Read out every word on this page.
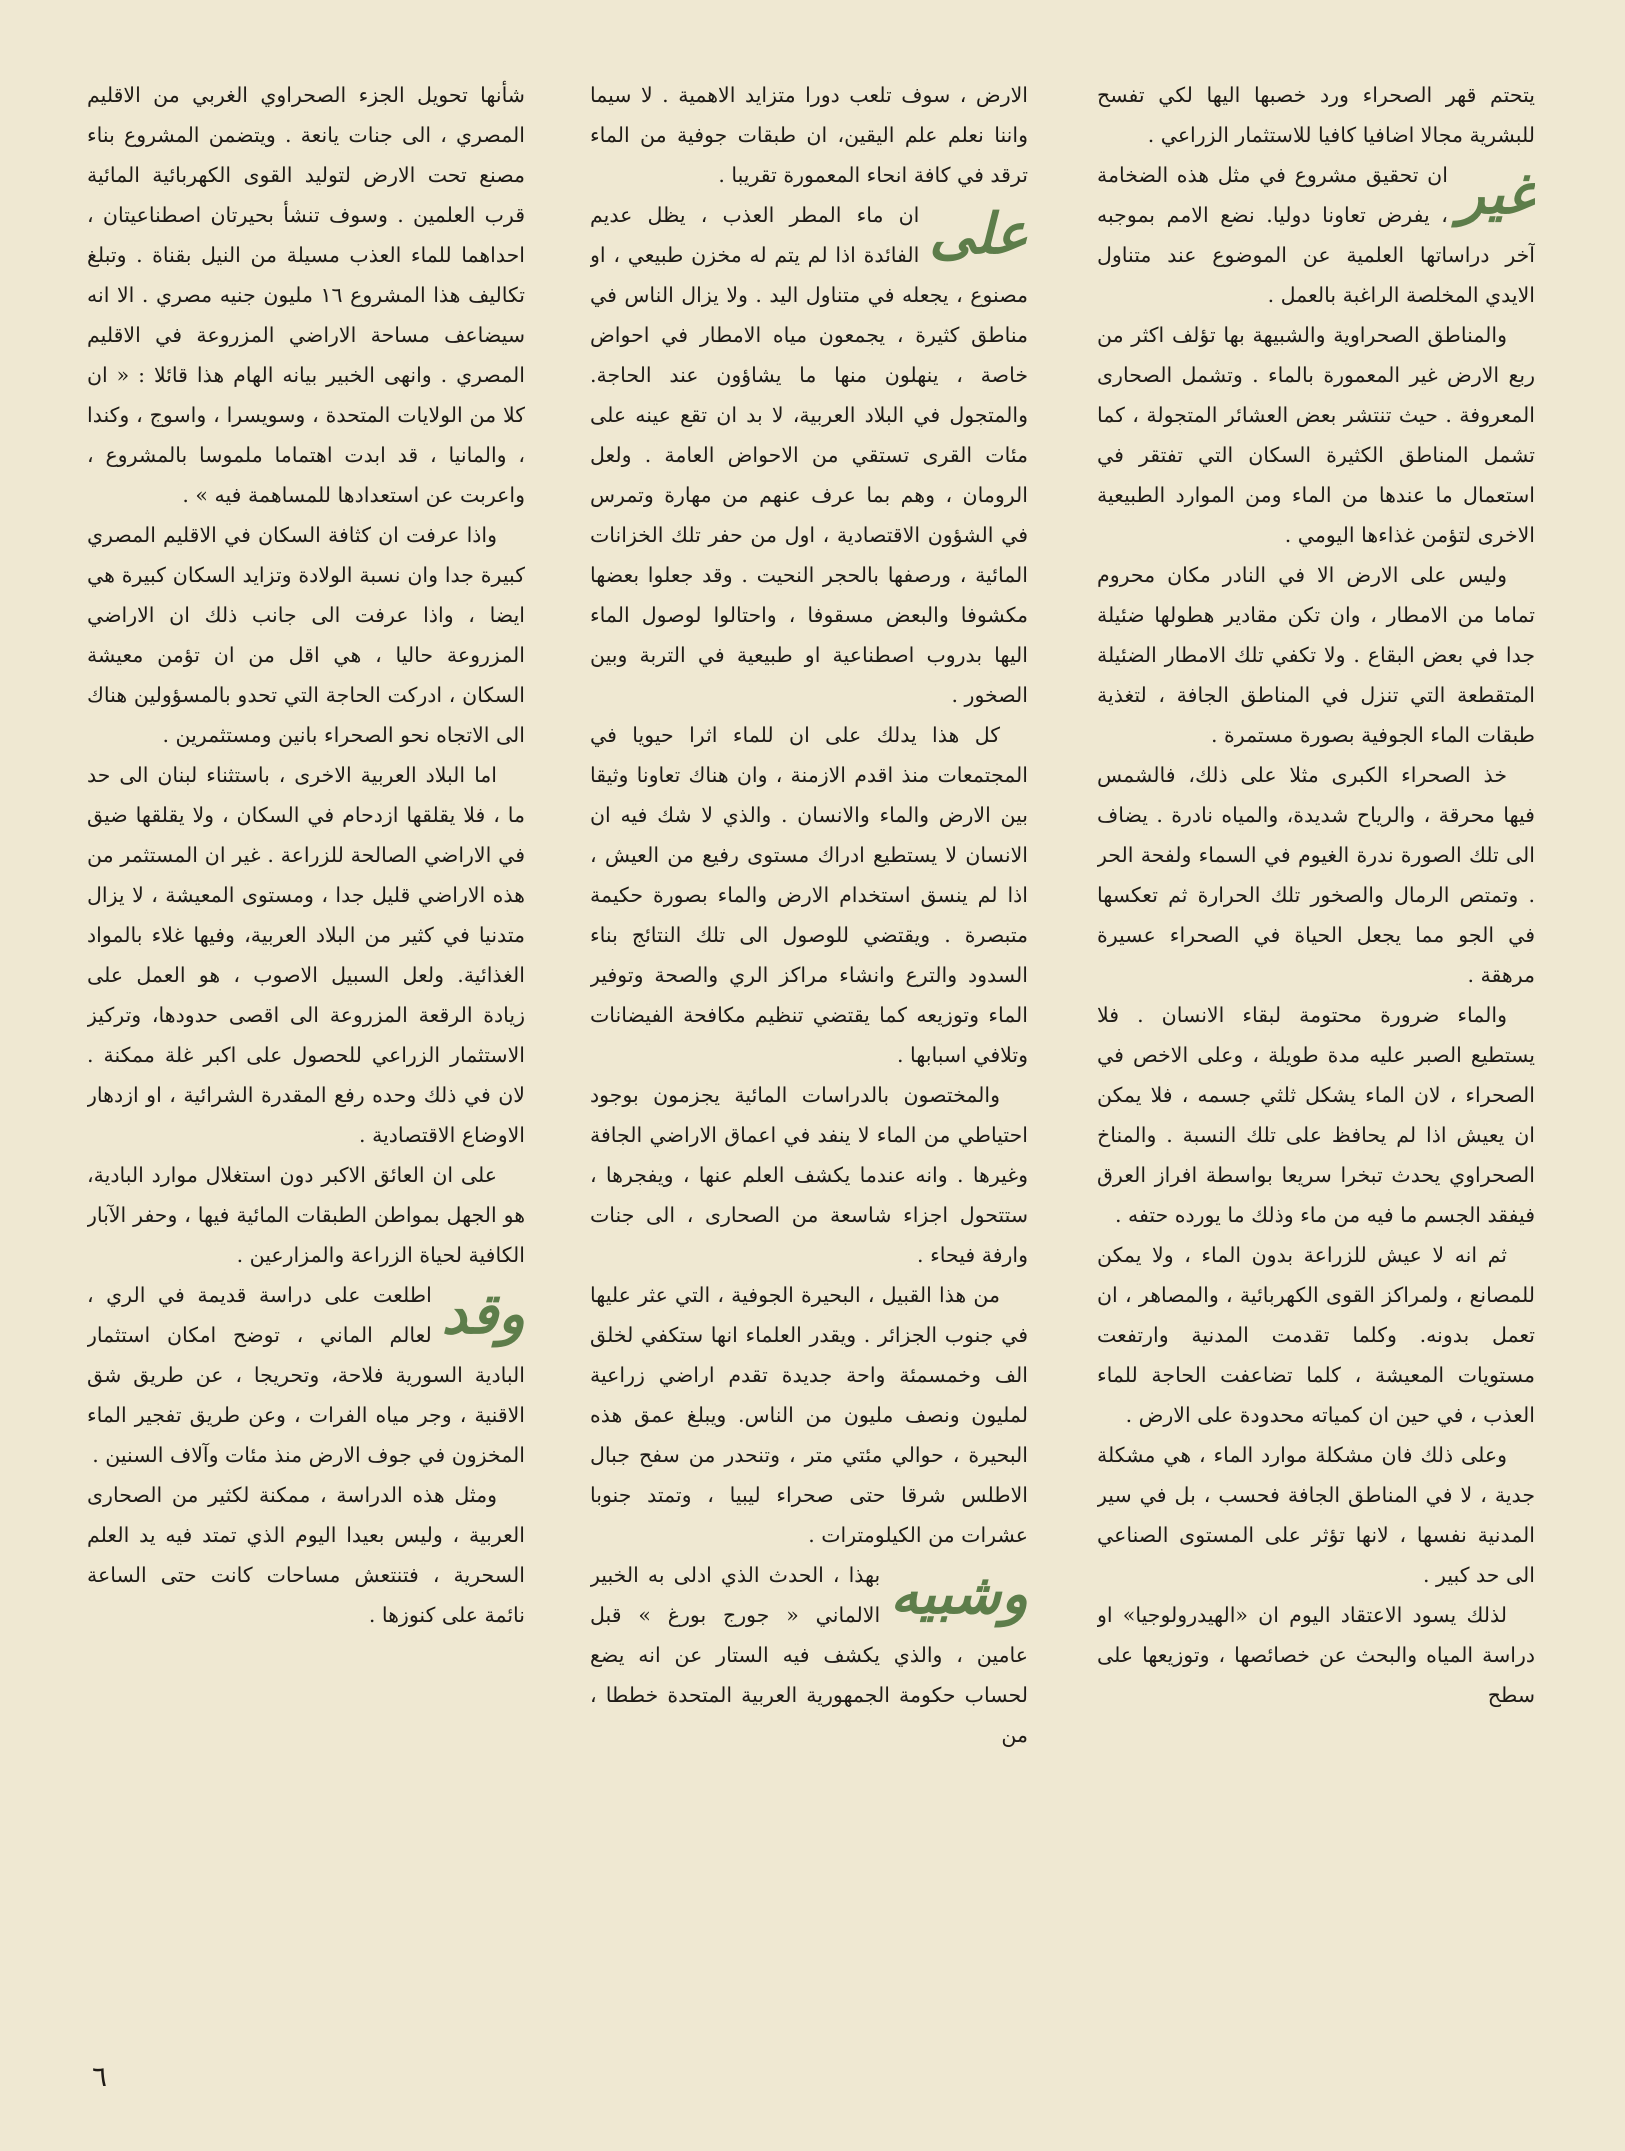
يتحتم قهر الصحراء ورد خصبها اليها لكي تفسح للبشرية مجالا اضافيا كافيا للاستثمار الزراعي .

غير
ان تحقيق مشروع في مثل هذه الضخامة ، يفرض تعاونا دوليا. نضع الامم بموجبه آخر دراساتها العلمية عن الموضوع عند متناول الايدي المخلصة الراغبة بالعمل .

والمناطق الصحراوية والشبيهة بها تؤلف اكثر من ربع الارض غير المعمورة بالماء . وتشمل الصحارى المعروفة . حيث تنتشر بعض العشائر المتجولة ، كما تشمل المناطق الكثيرة السكان التي تفتقر في استعمال ما عندها من الماء ومن الموارد الطبيعية الاخرى لتؤمن غذاءها اليومي .

وليس على الارض الا في النادر مكان محروم تماما من الامطار ، وان تكن مقادير هطولها ضئيلة جدا في بعض البقاع . ولا تكفي تلك الامطار الضئيلة المتقطعة التي تنزل في المناطق الجافة ، لتغذية طبقات الماء الجوفية بصورة مستمرة .

خذ الصحراء الكبرى مثلا على ذلك، فالشمس فيها محرقة ، والرياح شديدة، والمياه نادرة . يضاف الى تلك الصورة ندرة الغيوم في السماء ولفحة الحر . وتمتص الرمال والصخور تلك الحرارة ثم تعكسها في الجو مما يجعل الحياة في الصحراء عسيرة مرهقة .

والماء ضرورة محتومة لبقاء الانسان . فلا يستطيع الصبر عليه مدة طويلة ، وعلى الاخص في الصحراء ، لان الماء يشكل ثلثي جسمه ، فلا يمكن ان يعيش اذا لم يحافظ على تلك النسبة . والمناخ الصحراوي يحدث تبخرا سريعا بواسطة افراز العرق فيفقد الجسم ما فيه من ماء وذلك ما يورده حتفه .

ثم انه لا عيش للزراعة بدون الماء ، ولا يمكن للمصانع ، ولمراكز القوى الكهربائية ، والمصاهر ، ان تعمل بدونه. وكلما تقدمت المدنية وارتفعت مستويات المعيشة ، كلما تضاعفت الحاجة للماء العذب ، في حين ان كمياته محدودة على الارض .

وعلى ذلك فان مشكلة موارد الماء ، هي مشكلة جدية ، لا في المناطق الجافة فحسب ، بل في سير المدنية نفسها ، لانها تؤثر على المستوى الصناعي الى حد كبير .

لذلك يسود الاعتقاد اليوم ان «الهيدرولوجيا» او دراسة المياه والبحث عن خصائصها ، وتوزيعها على سطح

الارض ، سوف تلعب دورا متزايد الاهمية . لا سيما واننا نعلم علم اليقين، ان طبقات جوفية من الماء ترقد في كافة انحاء المعمورة تقريبا .

على
ان ماء المطر العذب ، يظل عديم الفائدة اذا لم يتم له مخزن طبيعي ، او مصنوع ، يجعله في متناول اليد . ولا يزال الناس في مناطق كثيرة ، يجمعون مياه الامطار في احواض خاصة ، ينهلون منها ما يشاؤون عند الحاجة. والمتجول في البلاد العربية، لا بد ان تقع عينه على مئات القرى تستقي من الاحواض العامة . ولعل الرومان ، وهم بما عرف عنهم من مهارة وتمرس في الشؤون الاقتصادية ، اول من حفر تلك الخزانات المائية ، ورصفها بالحجر النحيت . وقد جعلوا بعضها مكشوفا والبعض مسقوفا ، واحتالوا لوصول الماء اليها بدروب اصطناعية او طبيعية في التربة وبين الصخور .

كل هذا يدلك على ان للماء اثرا حيويا في المجتمعات منذ اقدم الازمنة ، وان هناك تعاونا وثيقا بين الارض والماء والانسان . والذي لا شك فيه ان الانسان لا يستطيع ادراك مستوى رفيع من العيش ، اذا لم ينسق استخدام الارض والماء بصورة حكيمة متبصرة . ويقتضي للوصول الى تلك النتائج بناء السدود والترع وانشاء مراكز الري والصحة وتوفير الماء وتوزيعه كما يقتضي تنظيم مكافحة الفيضانات وتلافي اسبابها .

والمختصون بالدراسات المائية يجزمون بوجود احتياطي من الماء لا ينفد في اعماق الاراضي الجافة وغيرها . وانه عندما يكشف العلم عنها ، ويفجرها ، ستتحول اجزاء شاسعة من الصحارى ، الى جنات وارفة فيحاء .

من هذا القبيل ، البحيرة الجوفية ، التي عثر عليها في جنوب الجزائر . ويقدر العلماء انها ستكفي لخلق الف وخمسمئة واحة جديدة تقدم اراضي زراعية لمليون ونصف مليون من الناس. ويبلغ عمق هذه البحيرة ، حوالي مئتي متر ، وتنحدر من سفح جبال الاطلس شرقا حتى صحراء ليبيا ، وتمتد جنوبا عشرات من الكيلومترات .

وشبيه
بهذا ، الحدث الذي ادلى به الخبير الالماني « جورج بورغ » قبل عامين ، والذي يكشف فيه الستار عن انه يضع لحساب حكومة الجمهورية العربية المتحدة خططا ، من

شأنها تحويل الجزء الصحراوي الغربي من الاقليم المصري ، الى جنات يانعة . ويتضمن المشروع بناء مصنع تحت الارض لتوليد القوى الكهربائية المائية قرب العلمين . وسوف تنشأ بحيرتان اصطناعيتان ، احداهما للماء العذب مسيلة من النيل بقناة . وتبلغ تكاليف هذا المشروع ١٦ مليون جنيه مصري . الا انه سيضاعف مساحة الاراضي المزروعة في الاقليم المصري . وانهى الخبير بيانه الهام هذا قائلا : « ان كلا من الولايات المتحدة ، وسويسرا ، واسوج ، وكندا ، والمانيا ، قد ابدت اهتماما ملموسا بالمشروع ، واعربت عن استعدادها للمساهمة فيه » .

واذا عرفت ان كثافة السكان في الاقليم المصري كبيرة جدا وان نسبة الولادة وتزايد السكان كبيرة هي ايضا ، واذا عرفت الى جانب ذلك ان الاراضي المزروعة حاليا ، هي اقل من ان تؤمن معيشة السكان ، ادركت الحاجة التي تحدو بالمسؤولين هناك الى الاتجاه نحو الصحراء بانين ومستثمرين .

اما البلاد العربية الاخرى ، باستثناء لبنان الى حد ما ، فلا يقلقها ازدحام في السكان ، ولا يقلقها ضيق في الاراضي الصالحة للزراعة . غير ان المستثمر من هذه الاراضي قليل جدا ، ومستوى المعيشة ، لا يزال متدنيا في كثير من البلاد العربية، وفيها غلاء بالمواد الغذائية. ولعل السبيل الاصوب ، هو العمل على زيادة الرقعة المزروعة الى اقصى حدودها، وتركيز الاستثمار الزراعي للحصول على اكبر غلة ممكنة . لان في ذلك وحده رفع المقدرة الشرائية ، او ازدهار الاوضاع الاقتصادية .

على ان العائق الاكبر دون استغلال موارد البادية، هو الجهل بمواطن الطبقات المائية فيها ، وحفر الآبار الكافية لحياة الزراعة والمزارعين .

وقد
اطلعت على دراسة قديمة في الري ، لعالم الماني ، توضح امكان استثمار البادية السورية فلاحة، وتحريجا ، عن طريق شق الاقنية ، وجر مياه الفرات ، وعن طريق تفجير الماء المخزون في جوف الارض منذ مئات وآلاف السنين .

ومثل هذه الدراسة ، ممكنة لكثير من الصحارى العربية ، وليس بعيدا اليوم الذي تمتد فيه يد العلم السحرية ، فتنتعش مساحات كانت حتى الساعة نائمة على كنوزها .

٦
